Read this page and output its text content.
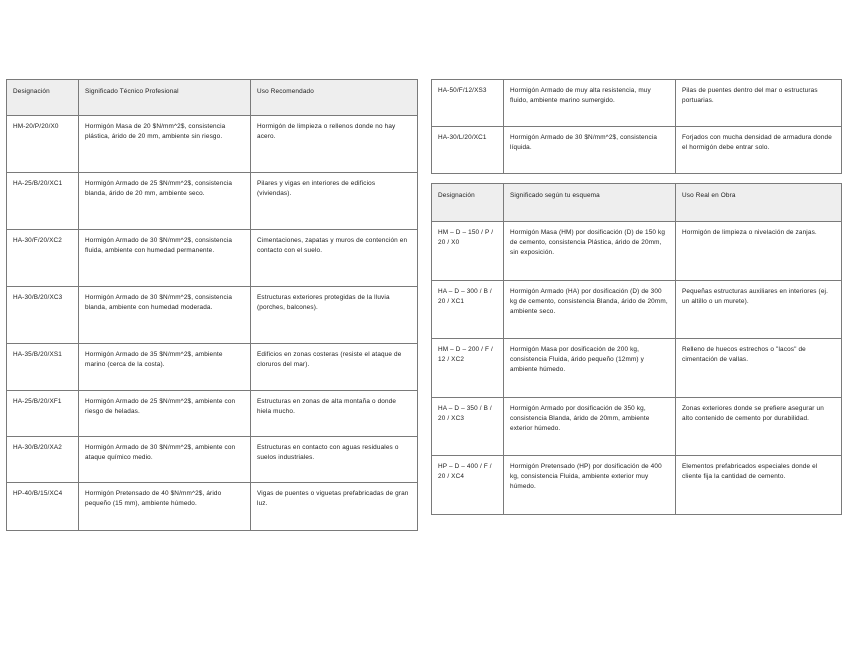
Designación	Significado Técnico Profesional	Uso Recomendado
HM-20/P/20/X0	Hormigón Masa de 20 $N/mm^2$, consistencia plástica, árido de 20 mm, ambiente sin riesgo.	Hormigón de limpieza o rellenos donde no hay acero.
HA-25/B/20/XC1	Hormigón Armado de 25 $N/mm^2$, consistencia blanda, árido de 20 mm, ambiente seco.	Pilares y vigas en interiores de edificios (viviendas).
HA-30/F/20/XC2	Hormigón Armado de 30 $N/mm^2$, consistencia fluida, ambiente con humedad permanente.	Cimentaciones, zapatas y muros de contención en contacto con el suelo.
HA-30/B/20/XC3	Hormigón Armado de 30 $N/mm^2$, consistencia blanda, ambiente con humedad moderada.	Estructuras exteriores protegidas de la lluvia (porches, balcones).
HA-35/B/20/XS1	Hormigón Armado de 35 $N/mm^2$, ambiente marino (cerca de la costa).	Edificios en zonas costeras (resiste el ataque de cloruros del mar).
HA-25/B/20/XF1	Hormigón Armado de 25 $N/mm^2$, ambiente con riesgo de heladas.	Estructuras en zonas de alta montaña o donde hiela mucho.
HA-30/B/20/XA2	Hormigón Armado de 30 $N/mm^2$, ambiente con ataque químico medio.	Estructuras en contacto con aguas residuales o suelos industriales.
HP-40/B/15/XC4	Hormigón Pretensado de 40 $N/mm^2$, árido pequeño (15 mm), ambiente húmedo.	Vigas de puentes o viguetas prefabricadas de gran luz.
HA-50/F/12/XS3	Hormigón Armado de muy alta resistencia, muy fluido, ambiente marino sumergido.	Pilas de puentes dentro del mar o estructuras portuarias.
HA-30/L/20/XC1	Hormigón Armado de 30 $N/mm^2$, consistencia líquida.	Forjados con mucha densidad de armadura donde el hormigón debe entrar solo.
Designación	Significado según tu esquema	Uso Real en Obra
HM – D – 150 / P / 20 / X0	Hormigón Masa (HM) por dosificación (D) de 150 kg de cemento, consistencia Plástica, árido de 20mm, sin exposición.	Hormigón de limpieza o nivelación de zanjas.
HA – D – 300 / B / 20 / XC1	Hormigón Armado (HA) por dosificación (D) de 300 kg de cemento, consistencia Blanda, árido de 20mm, ambiente seco.	Pequeñas estructuras auxiliares en interiores (ej. un altillo o un murete).
HM – D – 200 / F / 12 / XC2	Hormigón Masa por dosificación de 200 kg, consistencia Fluida, árido pequeño (12mm) y ambiente húmedo.	Relleno de huecos estrechos o "lacos" de cimentación de vallas.
HA – D – 350 / B / 20 / XC3	Hormigón Armado por dosificación de 350 kg, consistencia Blanda, árido de 20mm, ambiente exterior húmedo.	Zonas exteriores donde se prefiere asegurar un alto contenido de cemento por durabilidad.
HP – D – 400 / F / 20 / XC4	Hormigón Pretensado (HP) por dosificación de 400 kg, consistencia Fluida, ambiente exterior muy húmedo.	Elementos prefabricados especiales donde el cliente fija la cantidad de cemento.
